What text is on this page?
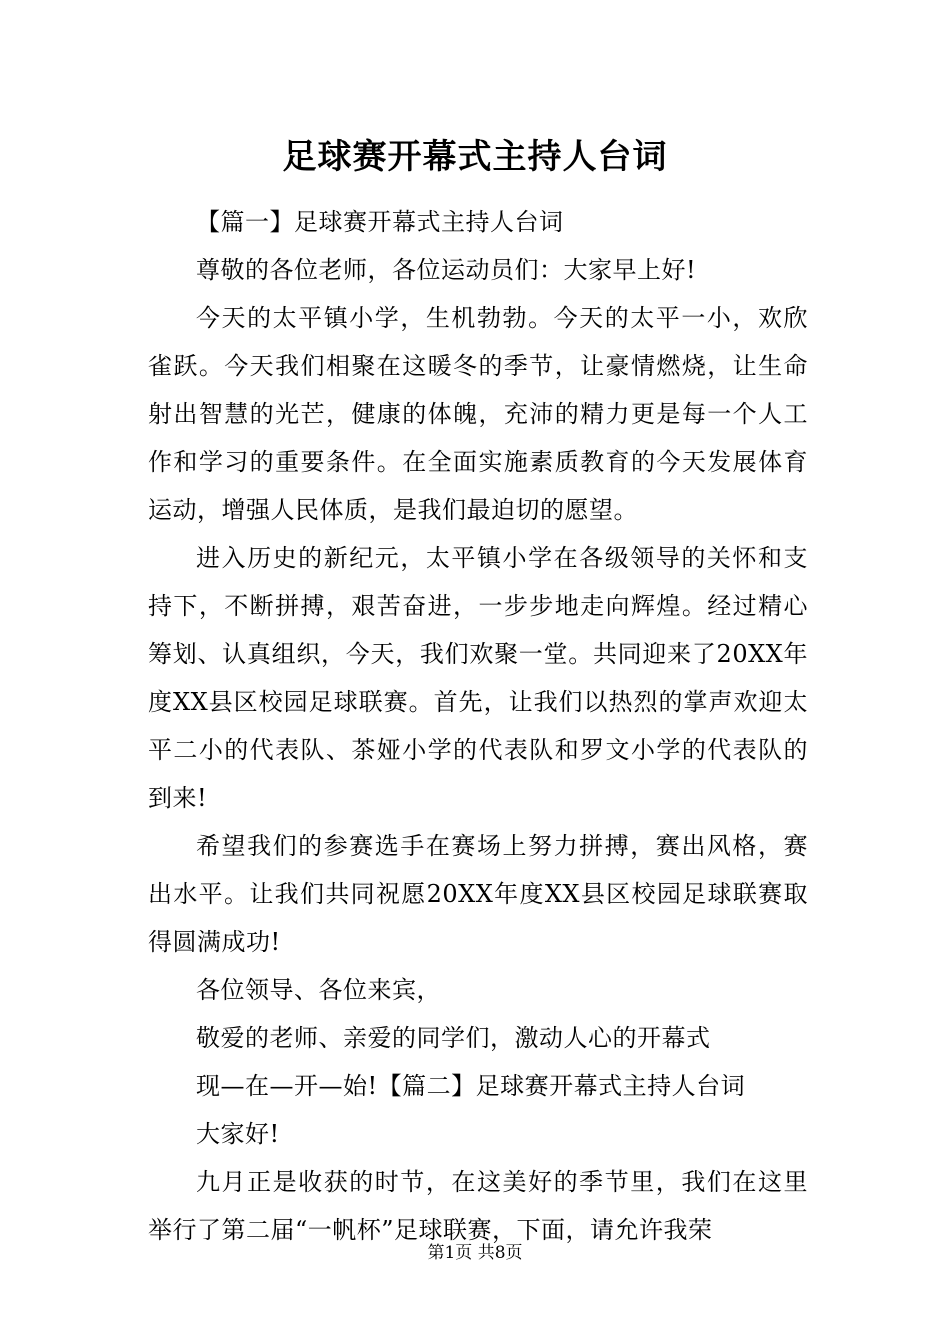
足球赛开幕式主持人台词

【篇一】足球赛开幕式主持人台词

尊敬的各位老师，各位运动员们：大家早上好!

今天的太平镇小学，生机勃勃。今天的太平一小，欢欣雀跃。今天我们相聚在这暖冬的季节，让豪情燃烧，让生命射出智慧的光芒，健康的体魄，充沛的精力更是每一个人工作和学习的重要条件。在全面实施素质教育的今天发展体育运动，增强人民体质，是我们最迫切的愿望。

进入历史的新纪元，太平镇小学在各级领导的关怀和支持下，不断拼搏，艰苦奋进，一步步地走向辉煌。经过精心筹划、认真组织，今天，我们欢聚一堂。共同迎来了20XX年度XX县区校园足球联赛。首先，让我们以热烈的掌声欢迎太平二小的代表队、茶娅小学的代表队和罗文小学的代表队的到来!

希望我们的参赛选手在赛场上努力拼搏，赛出风格，赛出水平。让我们共同祝愿20XX年度XX县区校园足球联赛取得圆满成功!

各位领导、各位来宾，

敬爱的老师、亲爱的同学们，激动人心的开幕式

现—在—开—始!【篇二】足球赛开幕式主持人台词

大家好!

九月正是收获的时节，在这美好的季节里，我们在这里举行了第二届“一帆杯”足球联赛，下面，请允许我荣

第1页 共8页
